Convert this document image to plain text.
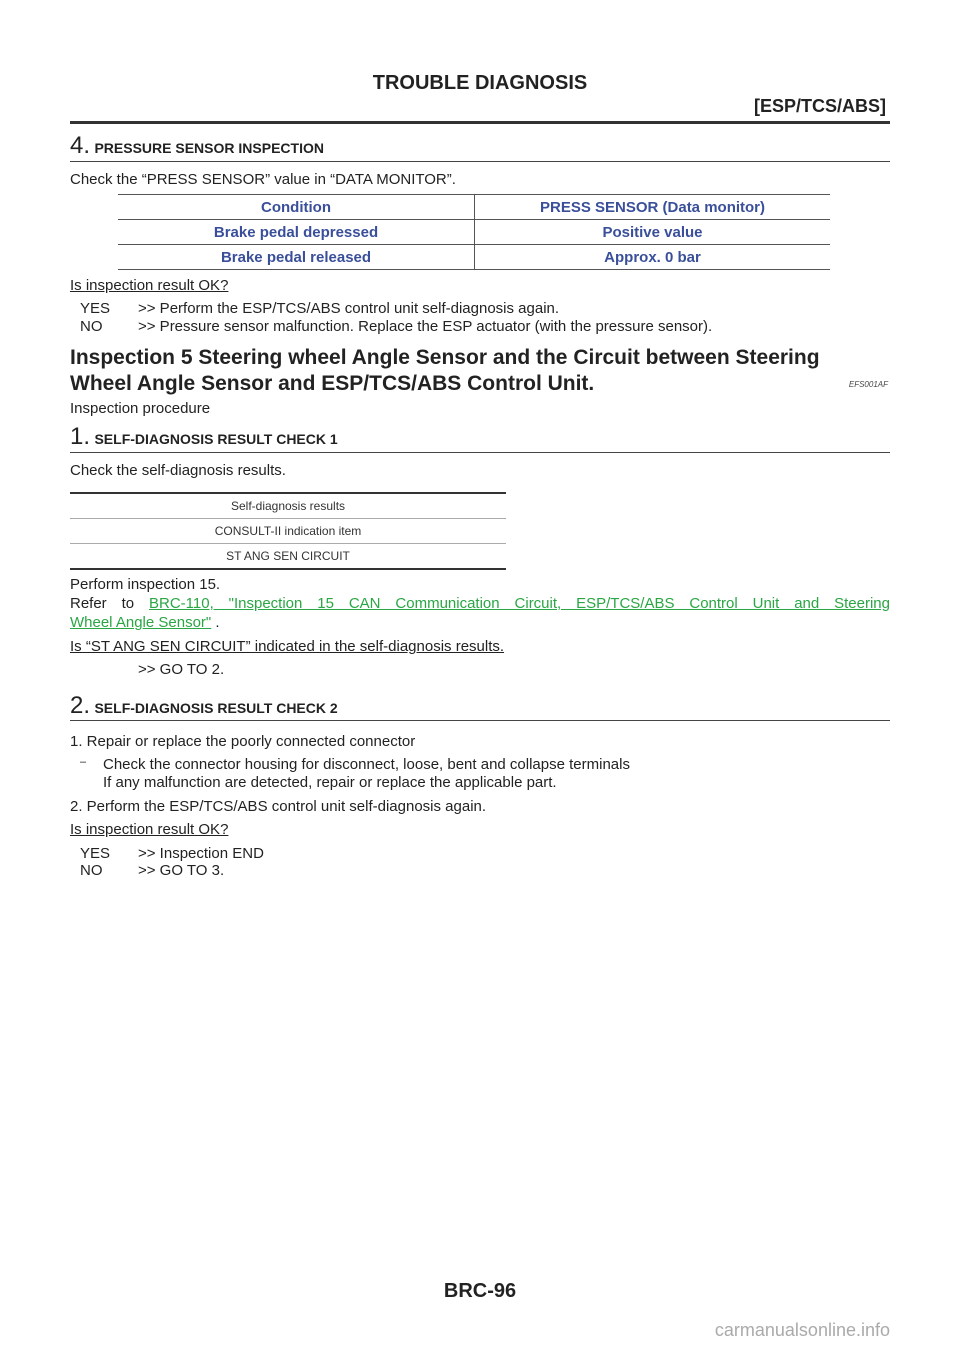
TROUBLE DIAGNOSIS
[ESP/TCS/ABS]
4. PRESSURE SENSOR INSPECTION
Check the “PRESS SENSOR” value in “DATA MONITOR”.
Condition	PRESS SENSOR (Data monitor)
Brake pedal depressed	Positive value
Brake pedal released	Approx. 0 bar
Is inspection result OK?
YES >> Perform the ESP/TCS/ABS control unit self-diagnosis again.
NO >> Pressure sensor malfunction. Replace the ESP actuator (with the pressure sensor).
Inspection 5 Steering wheel Angle Sensor and the Circuit between Steering
Wheel Angle Sensor and ESP/TCS/ABS Control Unit.	EFS001AF
Inspection procedure
1. SELF-DIAGNOSIS RESULT CHECK 1
Check the self-diagnosis results.
Self-diagnosis results
CONSULT-II indication item
ST ANG SEN CIRCUIT
Perform inspection 15.
Refer to BRC-110, "Inspection 15 CAN Communication Circuit, ESP/TCS/ABS Control Unit and Steering
Wheel Angle Sensor" .
Is “ST ANG SEN CIRCUIT” indicated in the self-diagnosis results.
>> GO TO 2.
2. SELF-DIAGNOSIS RESULT CHECK 2
1. Repair or replace the poorly connected connector
– Check the connector housing for disconnect, loose, bent and collapse terminals
If any malfunction are detected, repair or replace the applicable part.
2. Perform the ESP/TCS/ABS control unit self-diagnosis again.
Is inspection result OK?
YES >> Inspection END
NO >> GO TO 3.
BRC-96
carmanualsonline.info
